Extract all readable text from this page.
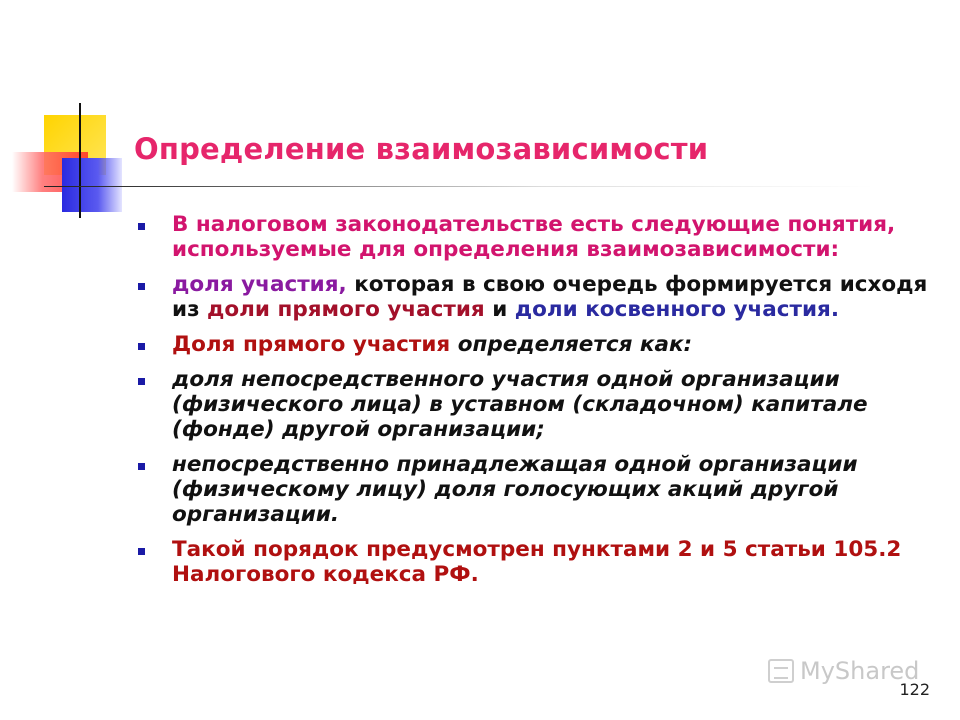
Определение взаимозависимости
В налоговом законодательстве есть следующие понятия, используемые для определения взаимозависимости:
доля участия, которая в свою очередь формируется исходя из доли прямого участия и доли косвенного участия.
Доля прямого участия определяется как:
доля непосредственного участия одной организации (физического лица) в уставном (складочном) капитале (фонде) другой организации;
непосредственно принадлежащая одной организации (физическому лицу) доля голосующих акций другой организации.
Такой порядок предусмотрен пунктами 2 и 5 статьи 105.2 Налогового кодекса РФ.
MyShared
122
